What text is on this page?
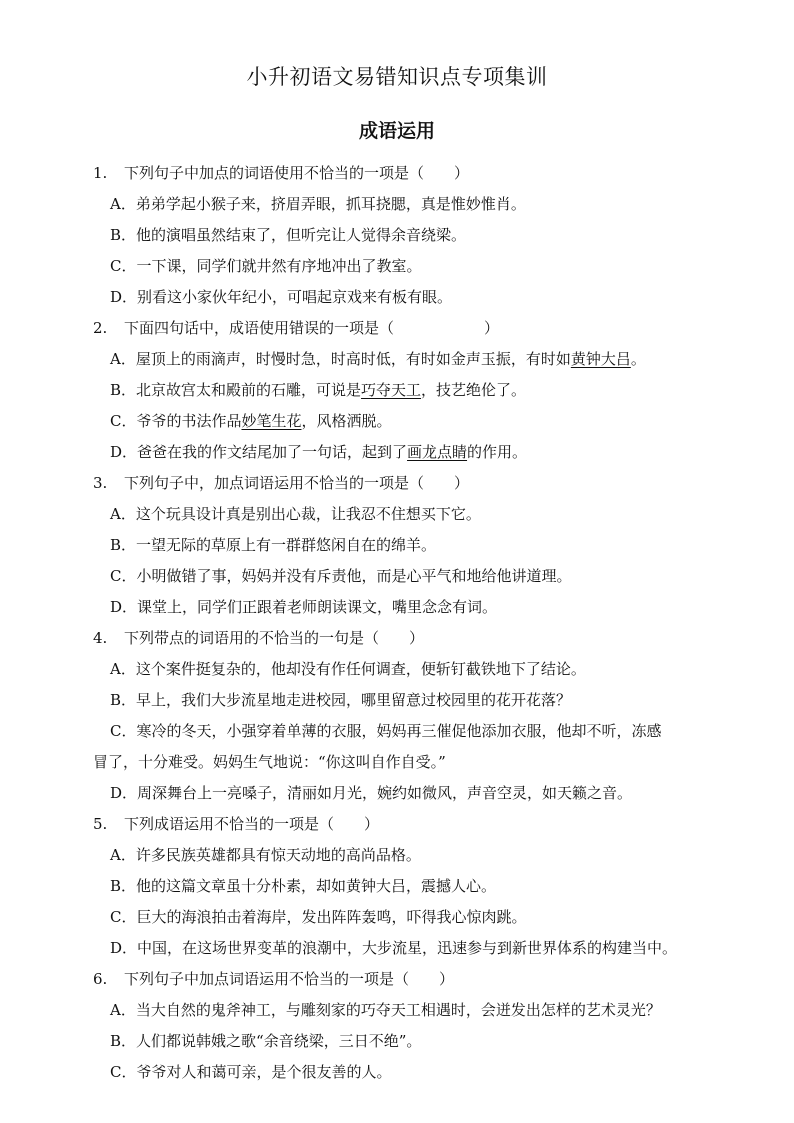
小升初语文易错知识点专项集训
成语运用
1. 下列句子中加点的词语使用不恰当的一项是（　　）
A．弟弟学起小猴子来，挤眉弄眼，抓耳挠腮，真是惟妙惟肖。
B．他的演唱虽然结束了，但听完让人觉得余音绕梁。
C．一下课，同学们就井然有序地冲出了教室。
D．别看这小家伙年纪小，可唱起京戏来有板有眼。
2. 下面四句话中，成语使用错误的一项是（　　　　　　）
A．屋顶上的雨滴声，时慢时急，时高时低，有时如金声玉振，有时如黄钟大吕。
B．北京故宫太和殿前的石雕，可说是巧夺天工，技艺绝伦了。
C．爷爷的书法作品妙笔生花，风格洒脱。
D．爸爸在我的作文结尾加了一句话，起到了画龙点睛的作用。
3. 下列句子中，加点词语运用不恰当的一项是（　　）
A．这个玩具设计真是别出心裁，让我忍不住想买下它。
B．一望无际的草原上有一群群悠闲自在的绵羊。
C．小明做错了事，妈妈并没有斥责他，而是心平气和地给他讲道理。
D．课堂上，同学们正跟着老师朗读课文，嘴里念念有词。
4. 下列带点的词语用的不恰当的一句是（　　）
A．这个案件挺复杂的，他却没有作任何调查，便斩钉截铁地下了结论。
B．早上，我们大步流星地走进校园，哪里留意过校园里的花开花落？
C．寒冷的冬天，小强穿着单薄的衣服，妈妈再三催促他添加衣服，他却不听，冻感
冒了，十分难受。妈妈生气地说：“你这叫自作自受。”
D．周深舞台上一亮嗓子，清丽如月光，婉约如微风，声音空灵，如天籁之音。
5. 下列成语运用不恰当的一项是（　　）
A．许多民族英雄都具有惊天动地的高尚品格。
B．他的这篇文章虽十分朴素，却如黄钟大吕，震撼人心。
C．巨大的海浪拍击着海岸，发出阵阵轰鸣，吓得我心惊肉跳。
D．中国，在这场世界变革的浪潮中，大步流星，迅速参与到新世界体系的构建当中。
6. 下列句子中加点词语运用不恰当的一项是（　　）
A．当大自然的鬼斧神工，与雕刻家的巧夺天工相遇时，会迸发出怎样的艺术灵光？
B．人们都说韩娥之歌“余音绕梁，三日不绝”。
C．爷爷对人和蔼可亲，是个很友善的人。
